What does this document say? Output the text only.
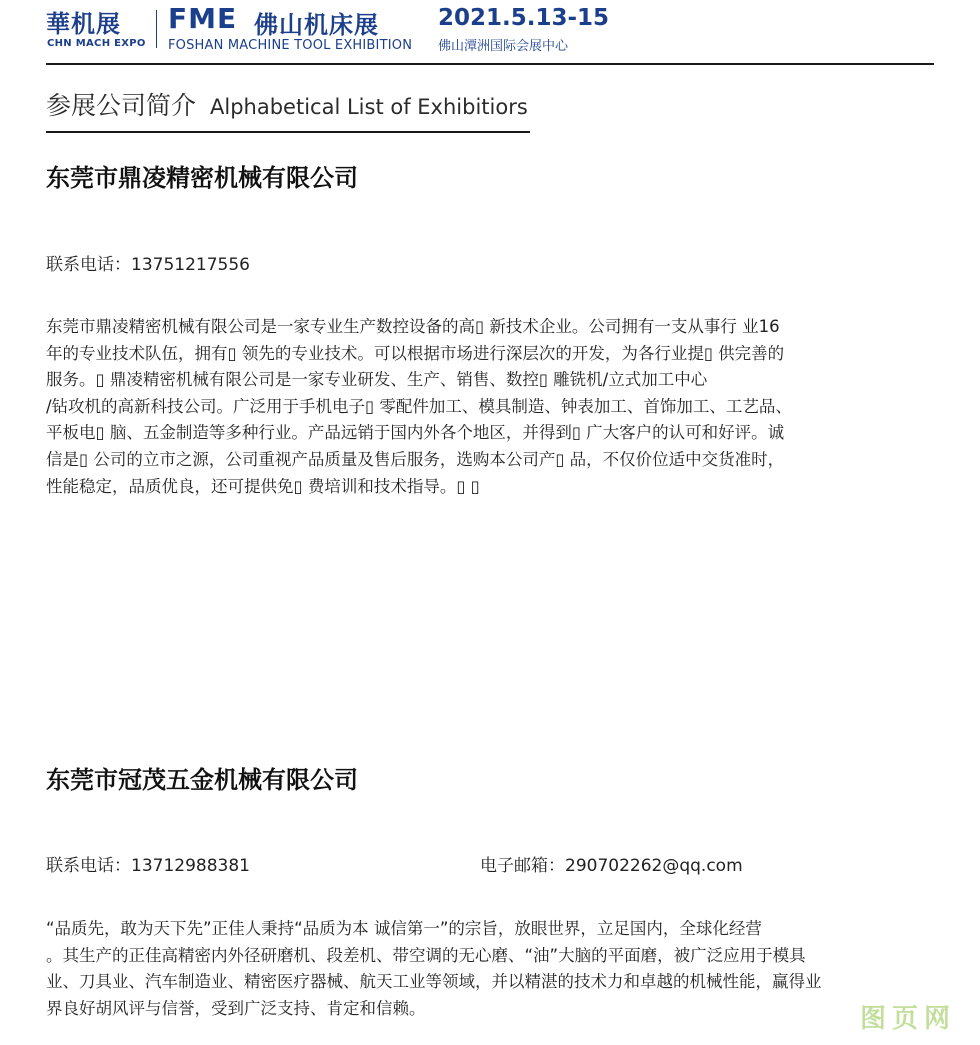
華机展
CHN MACH EXPO
FME 佛山机床展
FOSHAN MACHINE TOOL EXHIBITION
2021.5.13-15
佛山潭洲国际会展中心
参展公司简介 Alphabetical List of Exhibitiors
东莞市鼎凌精密机械有限公司
联系电话：13751217556
东莞市鼎凌精密机械有限公司是一家专业生产数控设备的高▯ 新技术企业。公司拥有一支从事行 业16
年的专业技术队伍，拥有▯ 领先的专业技术。可以根据市场进行深层次的开发，为各行业提▯ 供完善的
服务。▯ 鼎凌精密机械有限公司是一家专业研发、生产、销售、数控▯ 雕铣机/立式加工中心
/钻攻机的高新科技公司。广泛用于手机电子▯ 零配件加工、模具制造、钟表加工、首饰加工、工艺品、
平板电▯ 脑、五金制造等多种行业。产品远销于国内外各个地区，并得到▯ 广大客户的认可和好评。诚
信是▯ 公司的立市之源，公司重视产品质量及售后服务，选购本公司产▯ 品，不仅价位适中交货准时，
性能稳定，品质优良，还可提供免▯ 费培训和技术指导。▯ ▯
东莞市冠茂五金机械有限公司
联系电话：13712988381	电子邮箱：290702262@qq.com
“品质先，敢为天下先”正佳人秉持“品质为本 诚信第一”的宗旨，放眼世界，立足国内，全球化经营
。其生产的正佳高精密内外径研磨机、段差机、带空调的无心磨、“油”大脑的平面磨，被广泛应用于模具
业、刀具业、汽车制造业、精密医疗器械、航天工业等领域，并以精湛的技术力和卓越的机械性能，赢得业
界良好胡风评与信誉，受到广泛支持、肯定和信赖。	图页网
